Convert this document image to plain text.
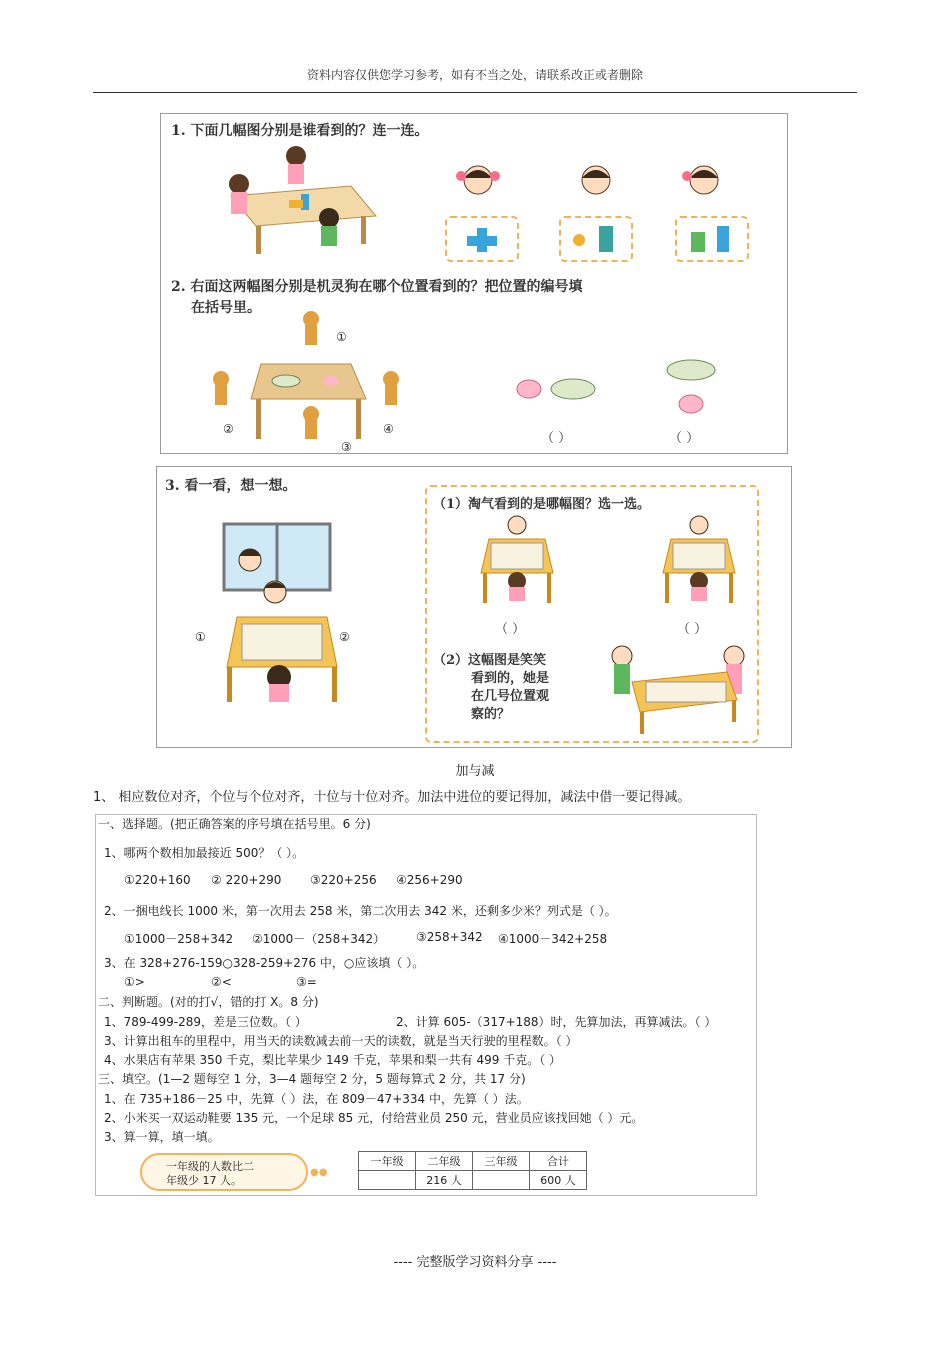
资料内容仅供您学习参考，如有不当之处，请联系改正或者删除
1. 下面几幅图分别是谁看到的？连一连。
2. 右面这两幅图分别是机灵狗在哪个位置看到的？把位置的编号填
在括号里。
①
②
③
④
（ ）	（ ）
3. 看一看，想一想。
①	②
（1）淘气看到的是哪幅图？选一选。
（ ）	（ ）
（2）这幅图是笑笑
看到的，她是
在几号位置观
察的？
加与减
1、 相应数位对齐，个位与个位对齐，十位与十位对齐。加法中进位的要记得加，减法中借一要记得减。
一、选择题。(把正确答案的序号填在括号里。6 分)
1、哪两个数相加最接近 500？（ ）。
①220+160 ② 220+290 ③220+256 ④256+290
2、一捆电线长 1000 米，第一次用去 258 米，第二次用去 342 米，还剩多少米？列式是（ ）。
①1000－258+342 ②1000－（258+342）	③258+342 ④1000－342+258
3、在 328+276-159○328-259+276 中，○应该填（ ）。
①>	②<	③=
二、判断题。(对的打√，错的打 X。8 分)
1、789-499-289，差是三位数。（ ）	2、计算 605-（317+188）时，先算加法，再算减法。（ ）
3、计算出租车的里程中，用当天的读数减去前一天的读数，就是当天行驶的里程数。（ ）
4、水果店有苹果 350 千克，梨比苹果少 149 千克，苹果和梨一共有 499 千克。（ ）
三、填空。(1—2 题每空 1 分，3—4 题每空 2 分，5 题每算式 2 分，共 17 分)
1、在 735+186－25 中，先算（ ）法，在 809－47+334 中，先算（ ）法。
2、小米买一双运动鞋要 135 元，一个足球 85 元，付给营业员 250 元，营业员应该找回她（ ）元。
3、算一算，填一填。
一年级的人数比二
年级少 17 人。
●●
一年级	二年级	三年级	合计
	216 人		600 人
---- 完整版学习资料分享 ----
